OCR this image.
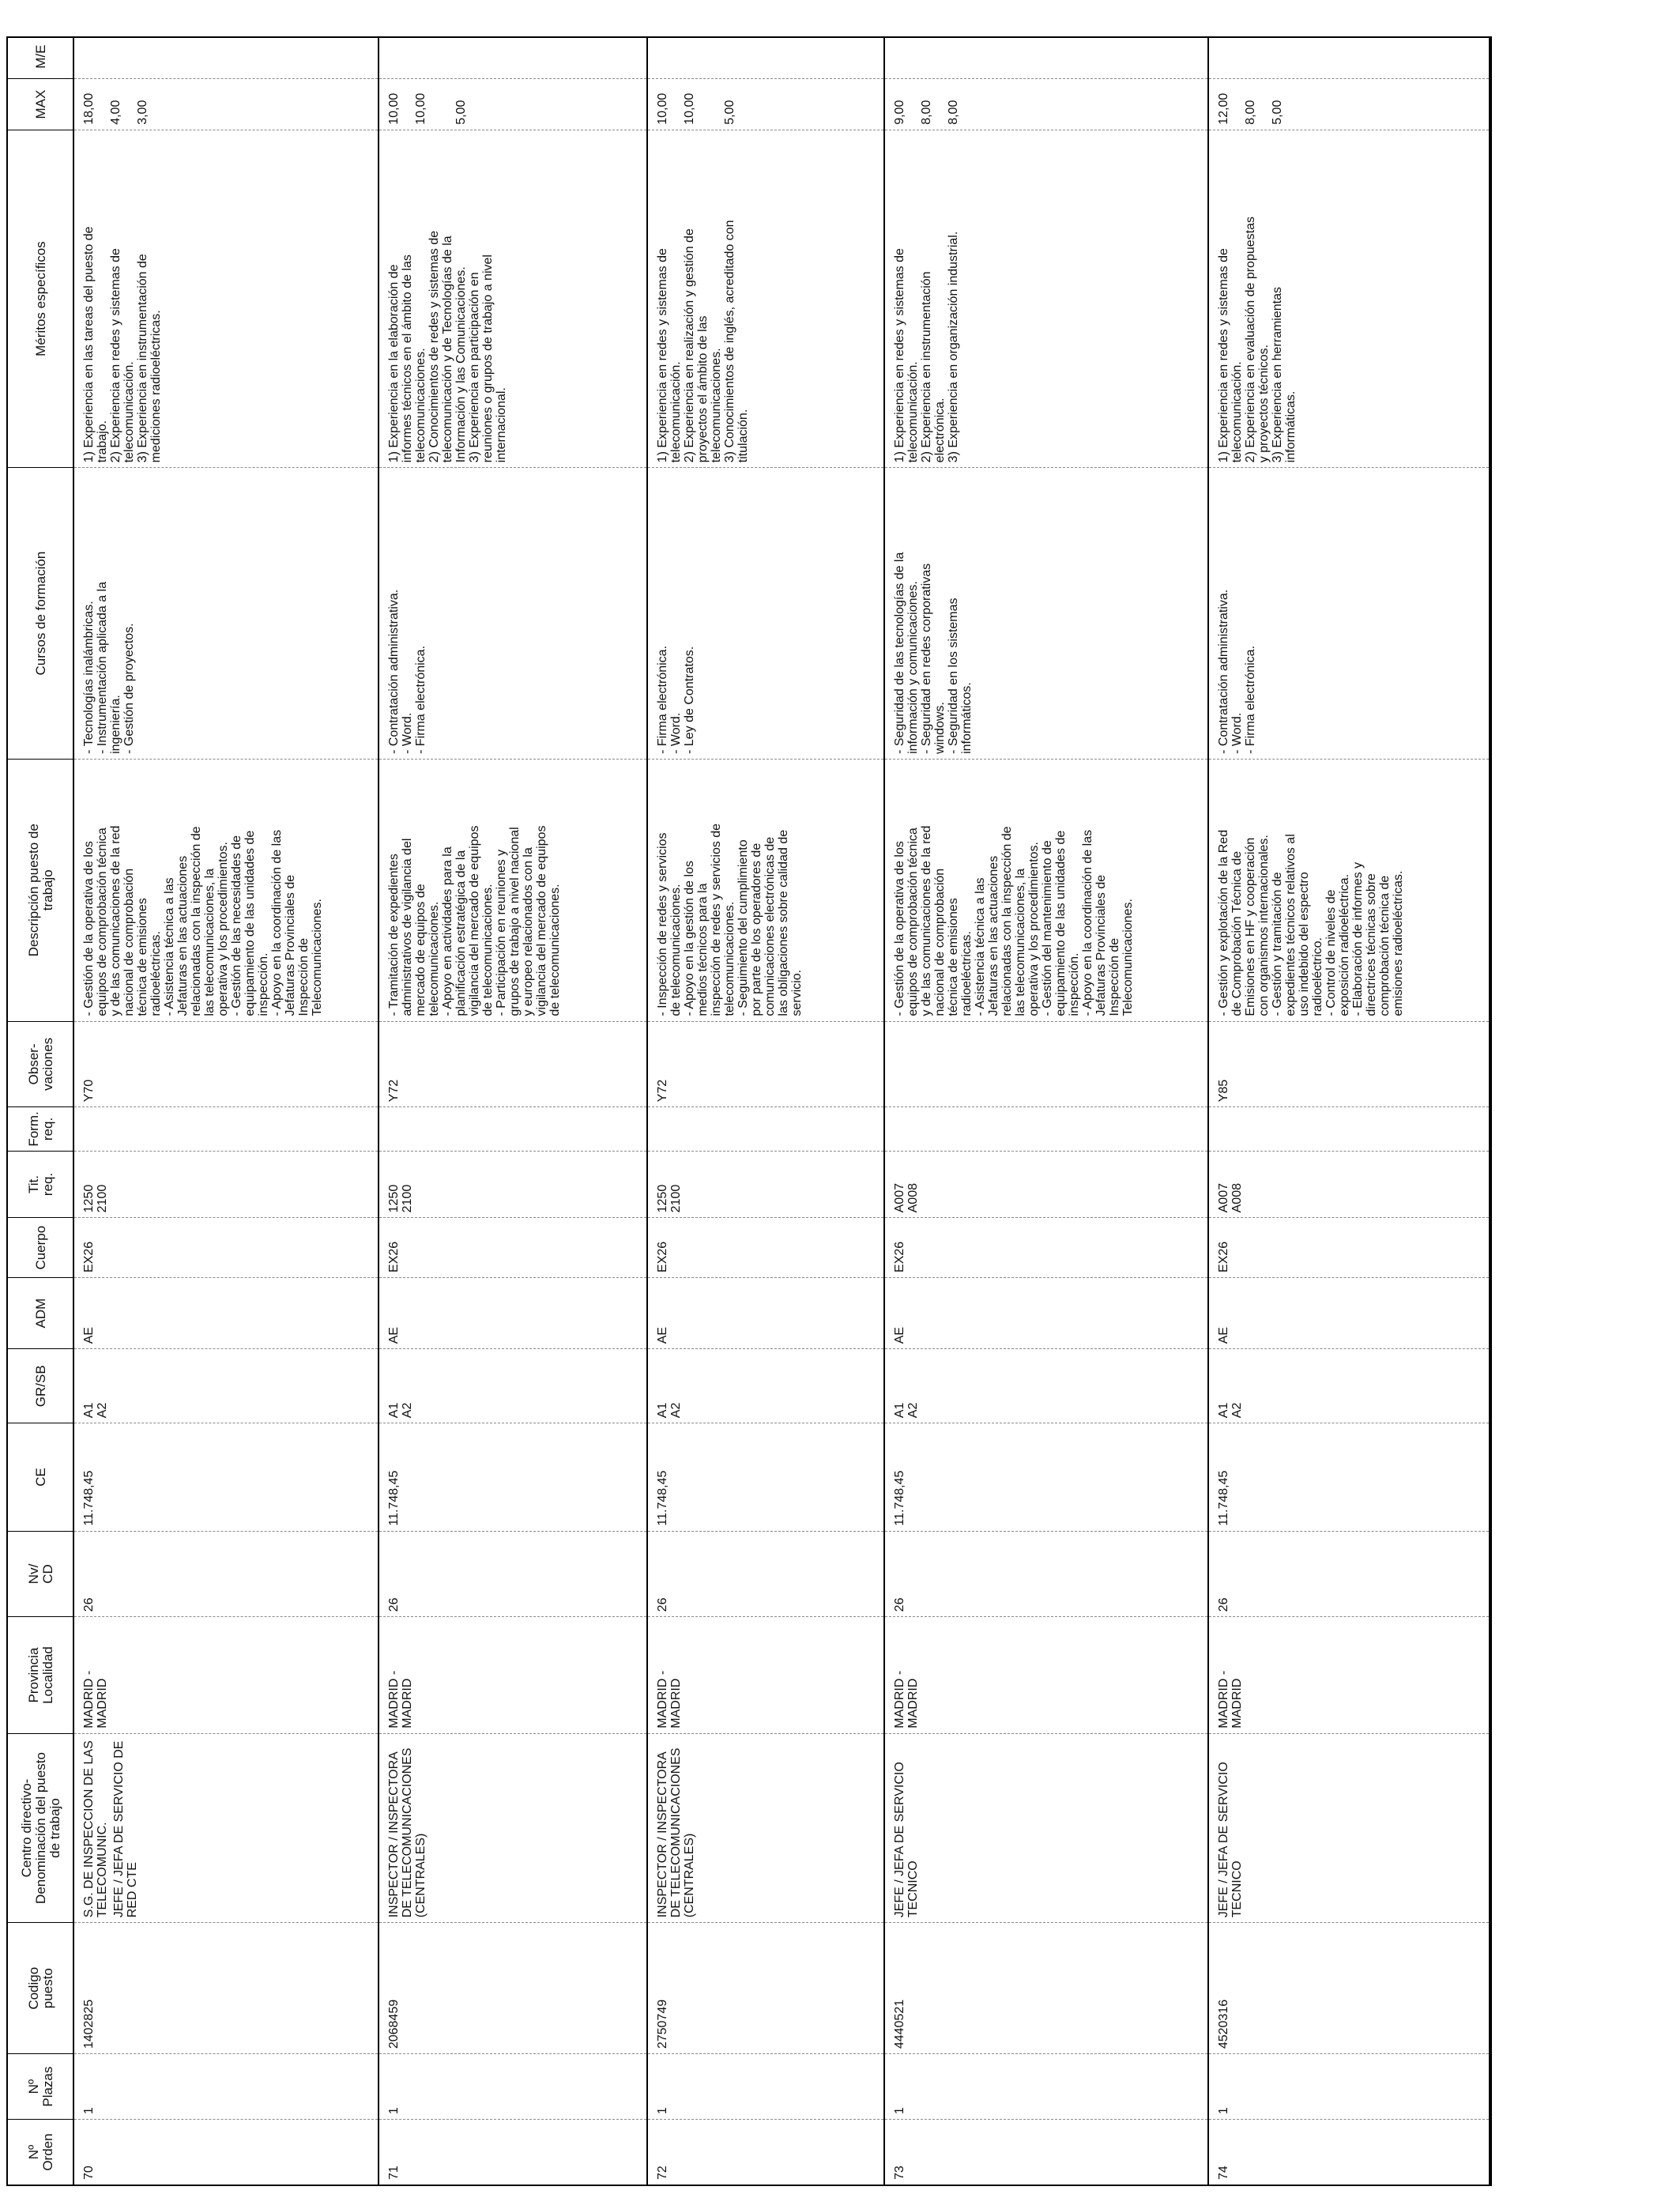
Nº
Orden
Nº
Plazas
Codigo
puesto
Centro directivo-
Denominación del puesto
de trabajo
Provincia
Localidad
Nv/
CD
CE
GR/SB
ADM
Cuerpo
Tit.
req.
Form.
req.
Obser-
vaciones
Descripción puesto de
trabajo
Cursos de formación
Méritos específicos
MAX
M/E
70
1
1402825
S.G. DE INSPECCION DE LAS
TELECOMUNIC. JEFE / JEFA DE SERVICIO DE
RED CTE
MADRID -
MADRID
26
11.748,45
A1
A2
AE
EX26
1250
2100
Y70
- Gestión de la operativa de los
equipos de comprobación técnica
y de las comunicaciones de la red
nacional de comprobación
técnica de emisiones
radioeléctricas.
- Asistencia técnica a las
Jefaturas en las actuaciones
relacionadas con la inspección de
las telecomunicaciones, la
operativa y los procedimientos.
- Gestión de las necesidades de
equipamiento de las unidades de
inspección.
- Apoyo en la coordinación de las
Jefaturas Provinciales de
Inspección de
Telecomunicaciones.
- Tecnologías inalámbricas.
- Instrumentación aplicada a la
ingeniería.
- Gestión de proyectos.
1) Experiencia en las tareas del puesto de
trabajo.
2) Experiencia en redes y sistemas de
telecomunicación.
3) Experiencia en instrumentación de
mediciones radioeléctricas.
18,00

4,00

3,00
71
1
2068459
INSPECTOR / INSPECTORA
DE TELECOMUNICACIONES
(CENTRALES)
MADRID -
MADRID
26
11.748,45
A1
A2
AE
EX26
1250
2100
Y72
- Tramitación de expedientes
administrativos de vigilancia del
mercado de equipos de
telecomunicaciones.
- Apoyo en actividades para la
planificación estratégica de la
vigilancia del mercado de equipos
de telecomunicaciones.
- Participación en reuniones y
grupos de trabajo a nivel nacional
y europeo relacionados con la
vigilancia del mercado de equipos
de telecomunicaciones.
- Contratación administrativa.
- Word.
- Firma electrónica.
1) Experiencia en la elaboración de
informes técnicos en el ámbito de las
telecomunicaciones.
2) Conocimientos de redes y sistemas de
telecomunicación y de Tecnologías de la
Información y las Comunicaciones.
3) Experiencia en participación en
reuniones o grupos de trabajo a nivel
internacional.
10,00

10,00

5,00
72
1
2750749
INSPECTOR / INSPECTORA
DE TELECOMUNICACIONES
(CENTRALES)
MADRID -
MADRID
26
11.748,45
A1
A2
AE
EX26
1250
2100
Y72
- Inspección de redes y servicios
de telecomunicaciones.
- Apoyo en la gestión de los
medios técnicos para la
inspección de redes y servicios de
telecomunicaciones.
- Seguimiento del cumplimiento
por parte de los operadores de
comunicaciones electrónicas de
las obligaciones sobre calidad de
servicio.
- Firma electrónica.
- Word.
- Ley de Contratos.
1) Experiencia en redes y sistemas de
telecomunicación.
2) Experiencia en realización y gestión de
proyectos el ámbito de las
telecomunicaciones.
3) Conocimientos de inglés, acreditado con
titulación.
10,00

10,00

5,00
73
1
4440521
JEFE / JEFA DE SERVICIO
TECNICO
MADRID -
MADRID
26
11.748,45
A1
A2
AE
EX26
A007
A008
- Gestión de la operativa de los
equipos de comprobación técnica
y de las comunicaciones de la red
nacional de comprobación
técnica de emisiones
radioeléctricas.
- Asistencia técnica a las
Jefaturas en las actuaciones
relacionadas con la inspección de
las telecomunicaciones, la
operativa y los procedimientos.
- Gestión del mantenimiento de
equipamiento de las unidades de
inspección.
- Apoyo en la coordinación de las
Jefaturas Provinciales de
Inspección de
Telecomunicaciones.
- Seguridad de las tecnologías de la
información y comunicaciones.
- Seguridad en redes corporativas
windows.
- Seguridad en los sistemas
informáticos.
1) Experiencia en redes y sistemas de
telecomunicación.
2) Experiencia en instrumentación
electrónica.
3) Experiencia en organización industrial.
9,00

8,00

8,00
74
1
4520316
JEFE / JEFA DE SERVICIO
TECNICO
MADRID -
MADRID
26
11.748,45
A1
A2
AE
EX26
A007
A008
Y85
- Gestión y explotación de la Red
de Comprobación Técnica de
Emisiones en HF y cooperación
con organismos internacionales.
- Gestión y tramitación de
expedientes técnicos relativos al
uso indebido del espectro
radioeléctrico.
- Control de niveles de
exposición radioeléctrica.
- Elaboración de informes y
directrices técnicas sobre
comprobación técnica de
emisiones radioeléctricas.
- Contratación administrativa.
- Word.
- Firma electrónica.
1) Experiencia en redes y sistemas de
telecomunicación.
2) Experiencia en evaluación de propuestas
y proyectos técnicos.
3) Experiencia en herramientas
informáticas.
12,00

8,00

5,00
